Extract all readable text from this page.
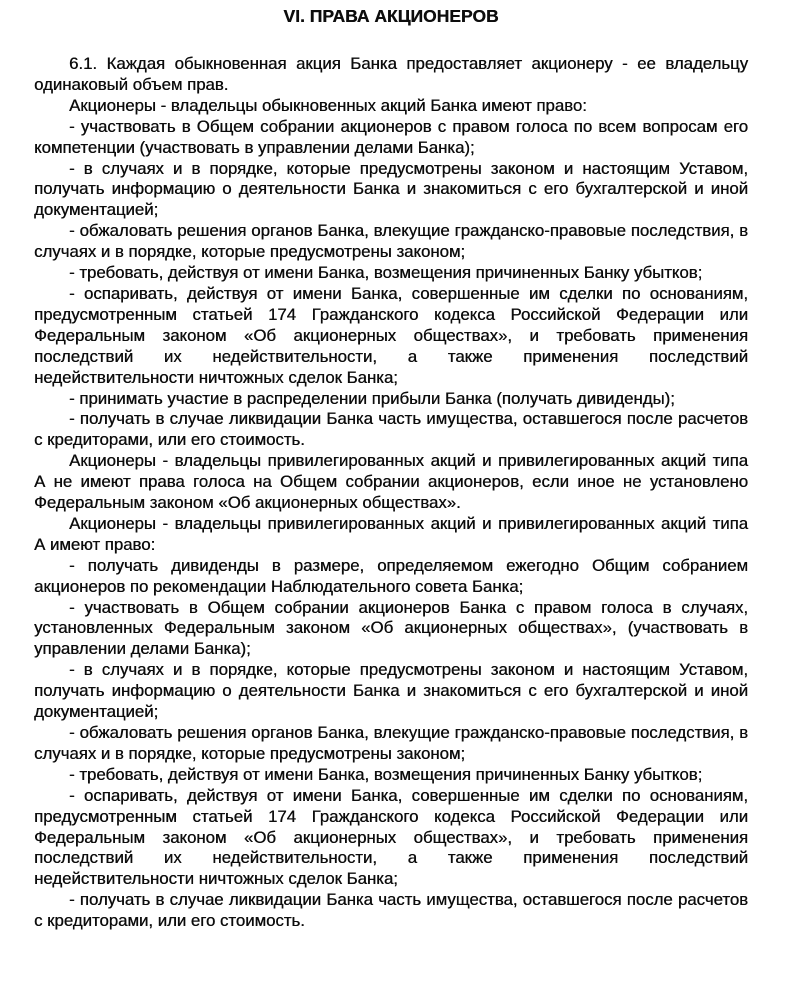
VI. ПРАВА АКЦИОНЕРОВ

6.1. Каждая обыкновенная акция Банка предоставляет акционеру - ее владельцу одинаковый объем прав.

Акционеры - владельцы обыкновенных акций Банка имеют право:

- участвовать в Общем собрании акционеров с правом голоса по всем вопросам его компетенции (участвовать в управлении делами Банка);

- в случаях и в порядке, которые предусмотрены законом и настоящим Уставом, получать информацию о деятельности Банка и знакомиться с его бухгалтерской и иной документацией;

- обжаловать решения органов Банка, влекущие гражданско-правовые последствия, в случаях и в порядке, которые предусмотрены законом;

- требовать, действуя от имени Банка, возмещения причиненных Банку убытков;

- оспаривать, действуя от имени Банка, совершенные им сделки по основаниям, предусмотренным статьей 174 Гражданского кодекса Российской Федерации или Федеральным законом «Об акционерных обществах», и требовать применения последствий их недействительности, а также применения последствий недействительности ничтожных сделок Банка;

- принимать участие в распределении прибыли Банка (получать дивиденды);

- получать в случае ликвидации Банка часть имущества, оставшегося после расчетов с кредиторами, или его стоимость.

Акционеры - владельцы привилегированных акций и привилегированных акций типа А не имеют права голоса на Общем собрании акционеров, если иное не установлено Федеральным законом «Об акционерных обществах».

Акционеры - владельцы привилегированных акций и привилегированных акций типа А имеют право:

- получать дивиденды в размере, определяемом ежегодно Общим собранием акционеров по рекомендации Наблюдательного совета Банка;

- участвовать в Общем собрании акционеров Банка с правом голоса в случаях, установленных Федеральным законом «Об акционерных обществах», (участвовать в управлении делами Банка);

- в случаях и в порядке, которые предусмотрены законом и настоящим Уставом, получать информацию о деятельности Банка и знакомиться с его бухгалтерской и иной документацией;

- обжаловать решения органов Банка, влекущие гражданско-правовые последствия, в случаях и в порядке, которые предусмотрены законом;

- требовать, действуя от имени Банка, возмещения причиненных Банку убытков;

- оспаривать, действуя от имени Банка, совершенные им сделки по основаниям, предусмотренным статьей 174 Гражданского кодекса Российской Федерации или Федеральным законом «Об акционерных обществах», и требовать применения последствий их недействительности, а также применения последствий недействительности ничтожных сделок Банка;

- получать в случае ликвидации Банка часть имущества, оставшегося после расчетов с кредиторами, или его стоимость.
